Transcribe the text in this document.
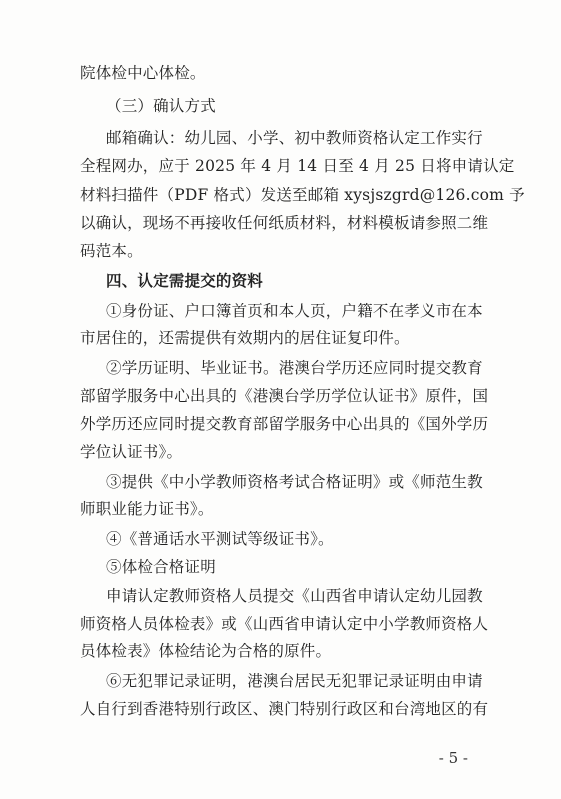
院体检中心体检。
（三）确认方式
邮箱确认：幼儿园、小学、初中教师资格认定工作实行
全程网办，应于 2025 年 4 月 14 日至 4 月 25 日将申请认定
材料扫描件（PDF 格式）发送至邮箱 xysjszgrd@126.com 予
以确认，现场不再接收任何纸质材料，材料模板请参照二维
码范本。
四、认定需提交的资料
①身份证、户口簿首页和本人页，户籍不在孝义市在本
市居住的，还需提供有效期内的居住证复印件。
②学历证明、毕业证书。港澳台学历还应同时提交教育
部留学服务中心出具的《港澳台学历学位认证书》原件，国
外学历还应同时提交教育部留学服务中心出具的《国外学历
学位认证书》。
③提供《中小学教师资格考试合格证明》或《师范生教
师职业能力证书》。
④《普通话水平测试等级证书》。
⑤体检合格证明
申请认定教师资格人员提交《山西省申请认定幼儿园教
师资格人员体检表》或《山西省申请认定中小学教师资格人
员体检表》体检结论为合格的原件。
⑥无犯罪记录证明，港澳台居民无犯罪记录证明由申请
人自行到香港特别行政区、澳门特别行政区和台湾地区的有
- 5 -
